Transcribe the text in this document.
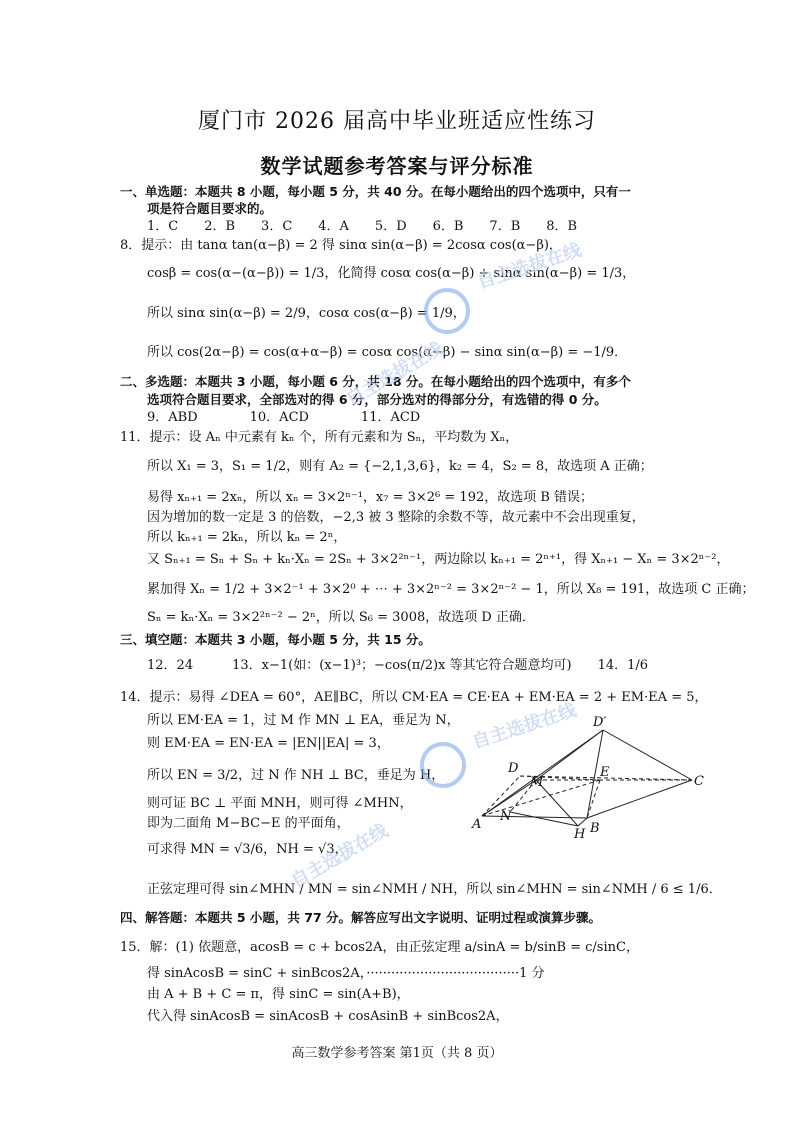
厦门市 2026 届高中毕业班适应性练习
数学试题参考答案与评分标准
一、单选题：本题共 8 小题，每小题 5 分，共 40 分。在每小题给出的四个选项中，只有一
项是符合题目要求的。
1．C　　2．B　　3．C　　4．A　　5．D　　6．B　　7．B　　8．B
8．提示：由 tanα tan(α−β) = 2 得 sinα sin(α−β) = 2cosα cos(α−β)，
cosβ = cos(α−(α−β)) = 1/3，化简得 cosα cos(α−β) + sinα sin(α−β) = 1/3，
所以 sinα sin(α−β) = 2/9，cosα cos(α−β) = 1/9，
所以 cos(2α−β) = cos(α+α−β) = cosα cos(α−β) − sinα sin(α−β) = −1/9．
二、多选题：本题共 3 小题，每小题 6 分，共 18 分。在每小题给出的四个选项中，有多个
选项符合题目要求，全部选对的得 6 分，部分选对的得部分分，有选错的得 0 分。
9．ABD　　　　10．ACD　　　　11．ACD
11．提示：设 Aₙ 中元素有 kₙ 个，所有元素和为 Sₙ，平均数为 Xₙ，
所以 X₁ = 3，S₁ = 1/2，则有 A₂ = {−2,1,3,6}，k₂ = 4，S₂ = 8，故选项 A 正确；
易得 xₙ₊₁ = 2xₙ，所以 xₙ = 3×2ⁿ⁻¹，x₇ = 3×2⁶ = 192，故选项 B 错误；
因为增加的数一定是 3 的倍数，−2,3 被 3 整除的余数不等，故元素中不会出现重复，
所以 kₙ₊₁ = 2kₙ，所以 kₙ = 2ⁿ，
又 Sₙ₊₁ = Sₙ + Sₙ + kₙ·Xₙ = 2Sₙ + 3×2²ⁿ⁻¹，两边除以 kₙ₊₁ = 2ⁿ⁺¹，得 Xₙ₊₁ − Xₙ = 3×2ⁿ⁻²，
累加得 Xₙ = 1/2 + 3×2⁻¹ + 3×2⁰ + ⋯ + 3×2ⁿ⁻² = 3×2ⁿ⁻² − 1，所以 X₈ = 191，故选项 C 正确；
Sₙ = kₙ·Xₙ = 3×2²ⁿ⁻² − 2ⁿ，所以 S₆ = 3008，故选项 D 正确．
三、填空题：本题共 3 小题，每小题 5 分，共 15 分。
12．24　　　13．x−1(如：(x−1)³；−cos(π/2)x 等其它符合题意均可)　　14．1/6
14．提示：易得 ∠DEA = 60°，AE∥BC，所以 CM·EA = CE·EA + EM·EA = 2 + EM·EA = 5，
所以 EM·EA = 1，过 M 作 MN ⊥ EA，垂足为 N，
则 EM·EA = EN·EA = |EN||EA| = 3，
所以 EN = 3/2，过 N 作 NH ⊥ BC，垂足为 H，
则可证 BC ⊥ 平面 MNH，则可得 ∠MHN，
即为二面角 M−BC−E 的平面角，
可求得 MN = √3/6，NH = √3，
正弦定理可得 sin∠MHN / MN = sin∠NMH / NH，所以 sin∠MHN = sin∠NMH / 6 ≤ 1/6．
四、解答题：本题共 5 小题，共 77 分。解答应写出文字说明、证明过程或演算步骤。
15．解：(1) 依题意，acosB = c + bcos2A，由正弦定理 a/sinA = b/sinB = c/sinC，
得 sinAcosB = sinC + sinBcos2A，·····································1 分
由 A + B + C = π，得 sinC = sin(A+B)，
代入得 sinAcosB = sinAcosB + cosAsinB + sinBcos2A，
D′
D
M
E
C
A
N
H B
自主选拔在线
自主选拔在线
自主选拔在线
自主选拔在线
高三数学参考答案 第1页（共 8 页）
